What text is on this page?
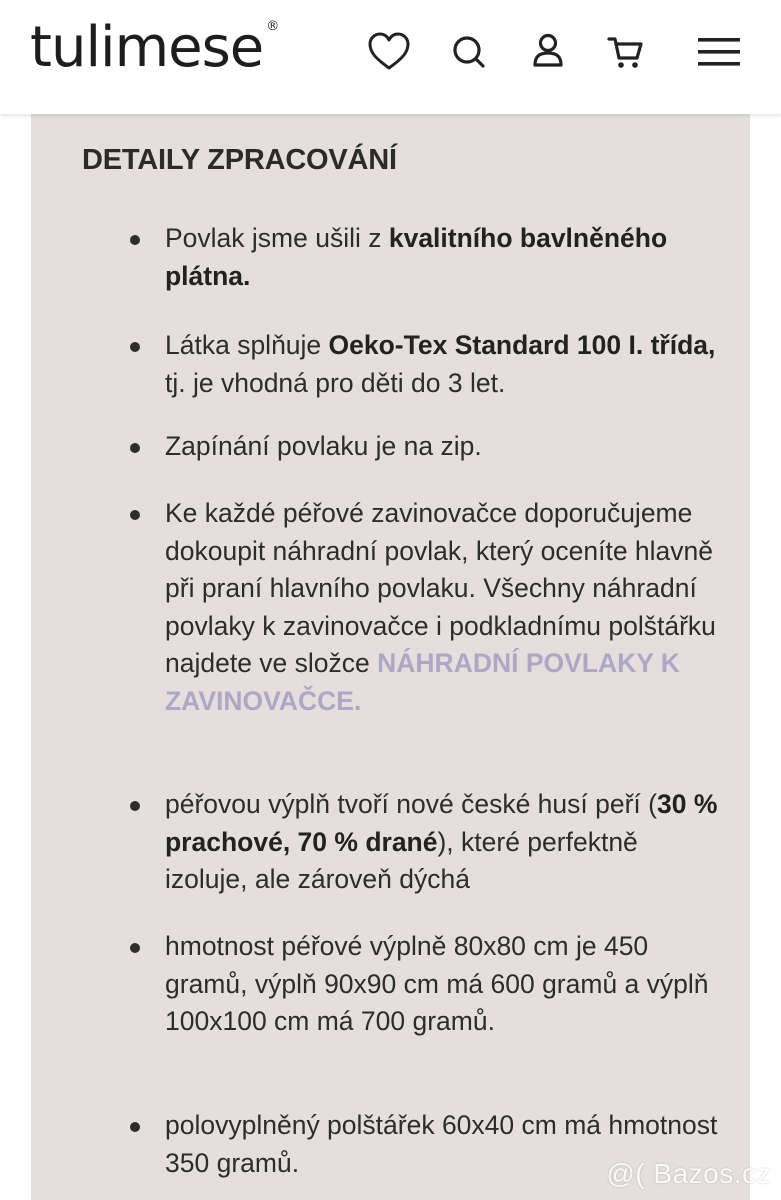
tulimese ®
DETAILY ZPRACOVÁNÍ
Povlak jsme ušili z kvalitního bavlněného plátna.
Látka splňuje Oeko-Tex Standard 100 I. třída, tj. je vhodná pro děti do 3 let.
Zapínání povlaku je na zip.
Ke každé péřové zavinovačce doporučujeme dokoupit náhradní povlak, který oceníte hlavně při praní hlavního povlaku. Všechny náhradní povlaky k zavinovačce i podkladnímu polštářku najdete ve složce NÁHRADNÍ POVLAKY K ZAVINOVAČCE.
péřovou výplň tvoří nové české husí peří (30 % prachové, 70 % drané), které perfektně izoluje, ale zároveň dýchá
hmotnost péřové výplně 80x80 cm je 450 gramů, výplň 90x90 cm má 600 gramů a výplň 100x100 cm má 700 gramů.
polovyplněný polštářek 60x40 cm má hmotnost 350 gramů.	@( Bazos.cz
